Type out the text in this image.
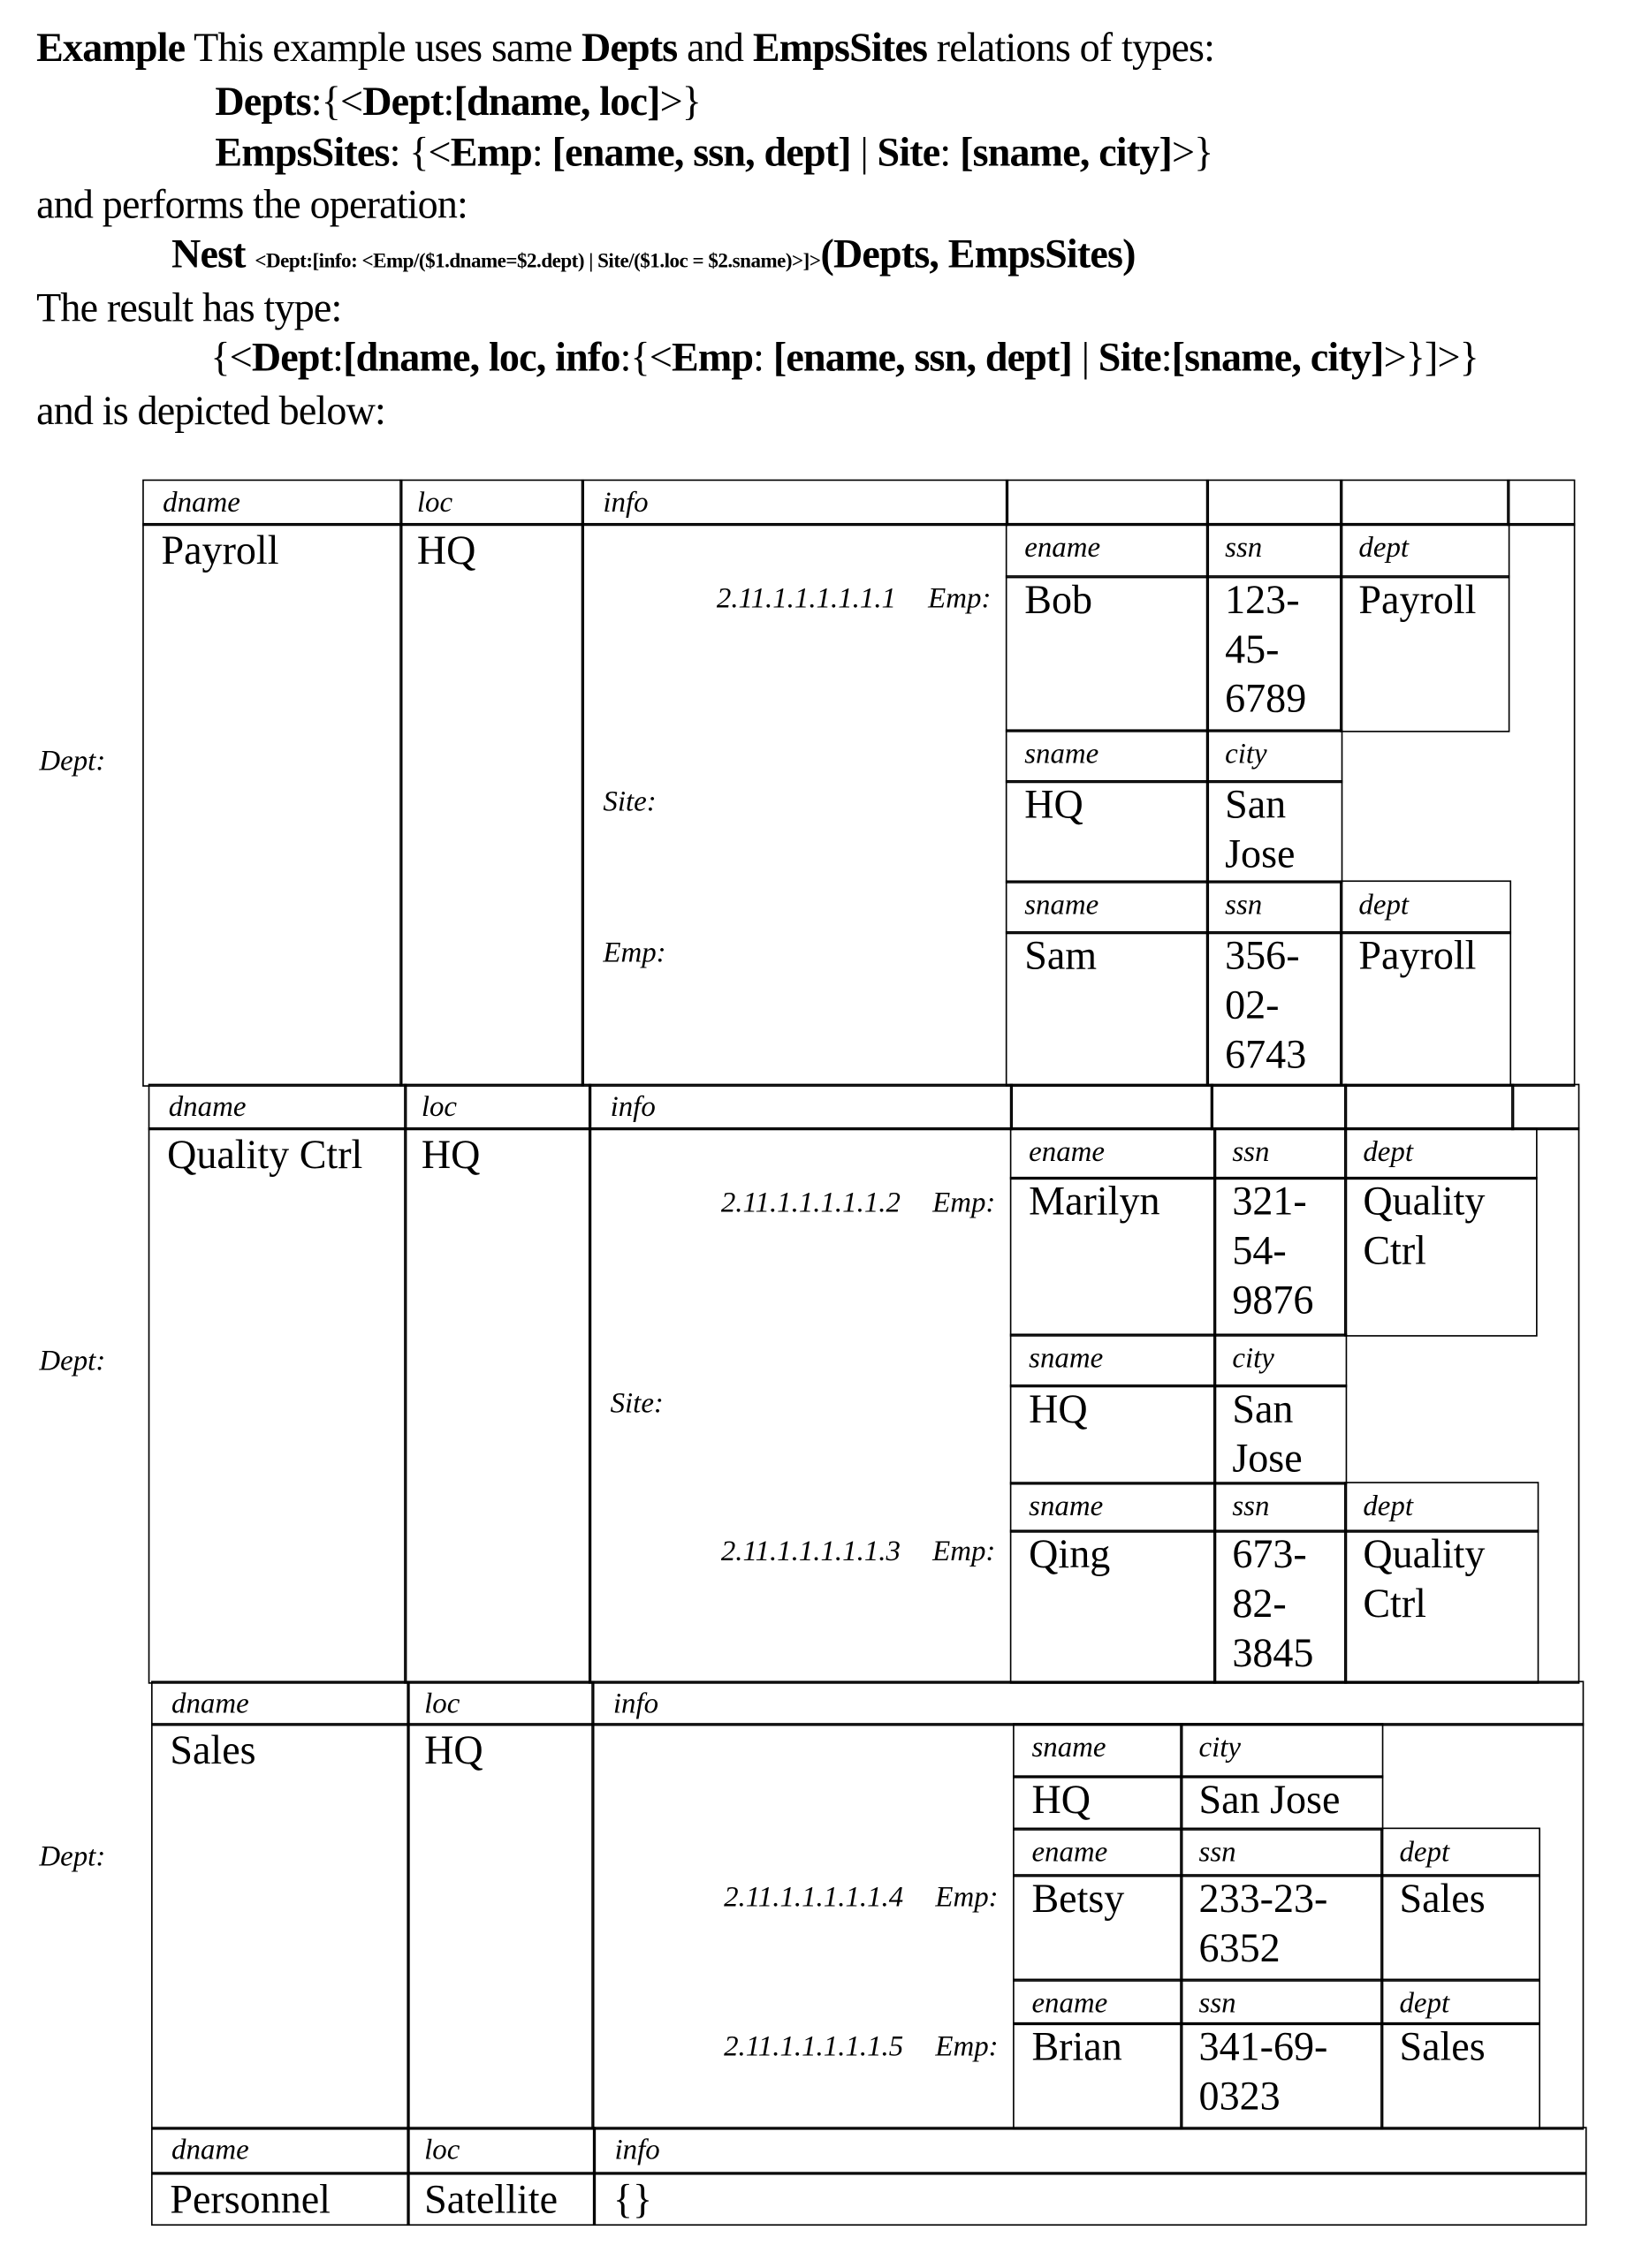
Example This example uses same Depts and EmpsSites relations of types:
Depts:{<Dept:[dname, loc]>}
EmpsSites: {<Emp: [ename, ssn, dept] | Site: [sname, city]>}
and performs the operation:
Nest <Dept:[info: <Emp/($1.dname=$2.dept) | Site/($1.loc = $2.sname)>]>(Depts, EmpsSites)
The result has type:
{<Dept:[dname, loc, info:{<Emp: [ename, ssn, dept] | Site:[sname, city]>}]>}
and is depicted below:
dname	loc	info
Payroll	HQ
Dept:
ename
Bob
ssn
123-45-6789
dept
Payroll
2.11.1.1.1.1.1.1 Emp:
sname
HQ
city
San Jose
Site:
sname
Sam
ssn
356-02-6743
dept
Payroll
Emp:
dname	loc	info
Quality Ctrl HQ
Dept:
ename
Marilyn
ssn
321-54-9876
dept
Quality Ctrl
2.11.1.1.1.1.1.2 Emp:
sname
HQ
city
San Jose
Site:
sname
Qing
ssn
673-82-3845
dept
Quality Ctrl
2.11.1.1.1.1.1.3 Emp:
dname	loc	info
Sales	HQ
Dept:
sname
HQ
city
San Jose
ename
Betsy
ssn
233-23-6352
dept
Sales
2.11.1.1.1.1.1.4 Emp:
ename
Brian
ssn
341-69-0323
dept
Sales
2.11.1.1.1.1.1.5 Emp:
dname	loc	info
Personnel	Satellite {}
